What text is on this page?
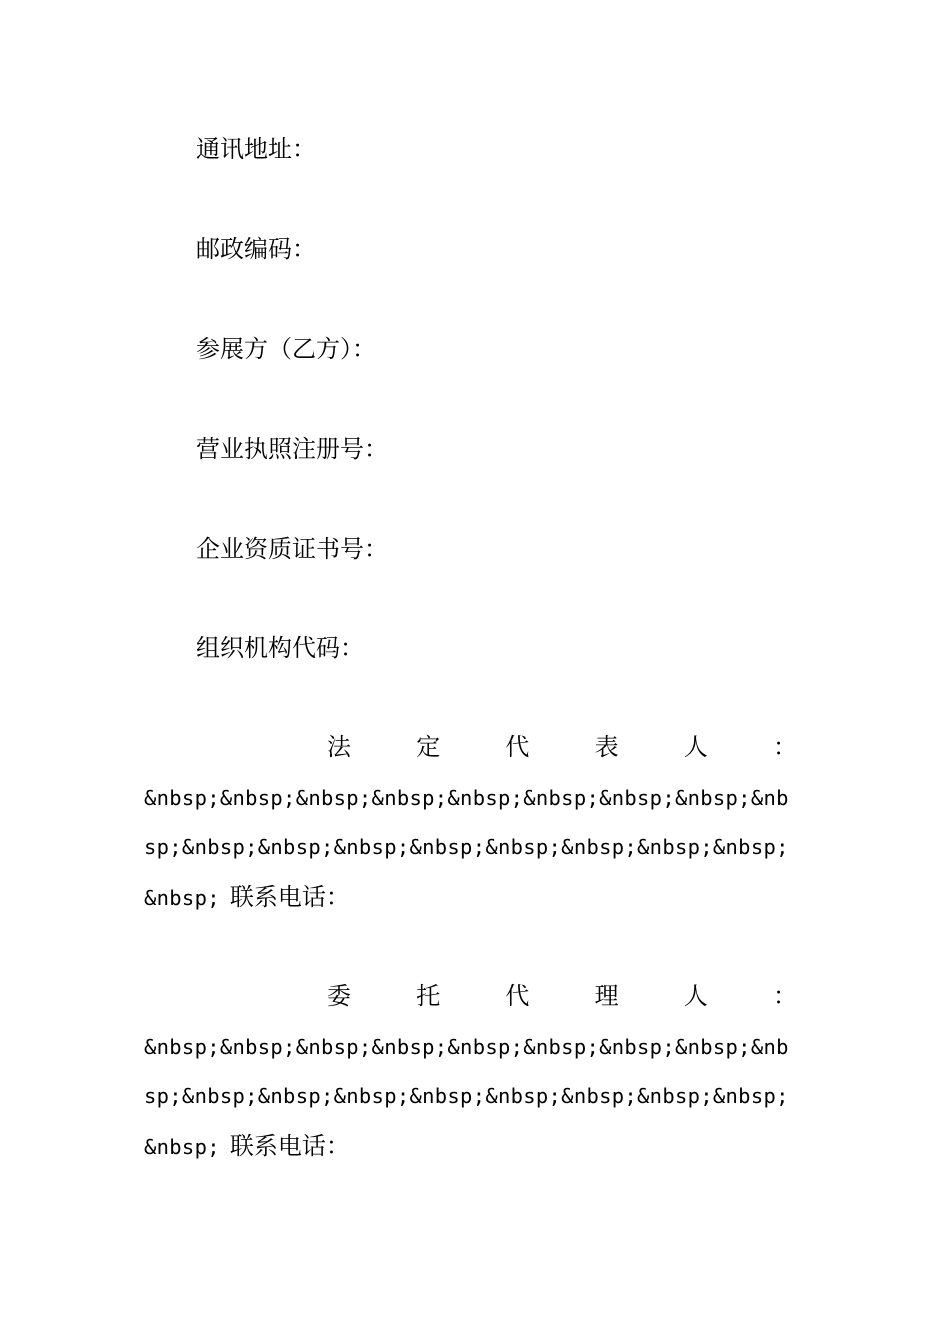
通讯地址：
邮政编码：
参展方（乙方）：
营业执照注册号：
企业资质证书号：
组织机构代码：
法	定	代	表	人	：
&nbsp;&nbsp;&nbsp;&nbsp;&nbsp;&nbsp;&nbsp;&nbsp;&nb
sp;&nbsp;&nbsp;&nbsp;&nbsp;&nbsp;&nbsp;&nbsp;&nbsp;
&nbsp; 联系电话：
委	托	代	理	人	：
&nbsp;&nbsp;&nbsp;&nbsp;&nbsp;&nbsp;&nbsp;&nbsp;&nb
sp;&nbsp;&nbsp;&nbsp;&nbsp;&nbsp;&nbsp;&nbsp;&nbsp;
&nbsp; 联系电话：
